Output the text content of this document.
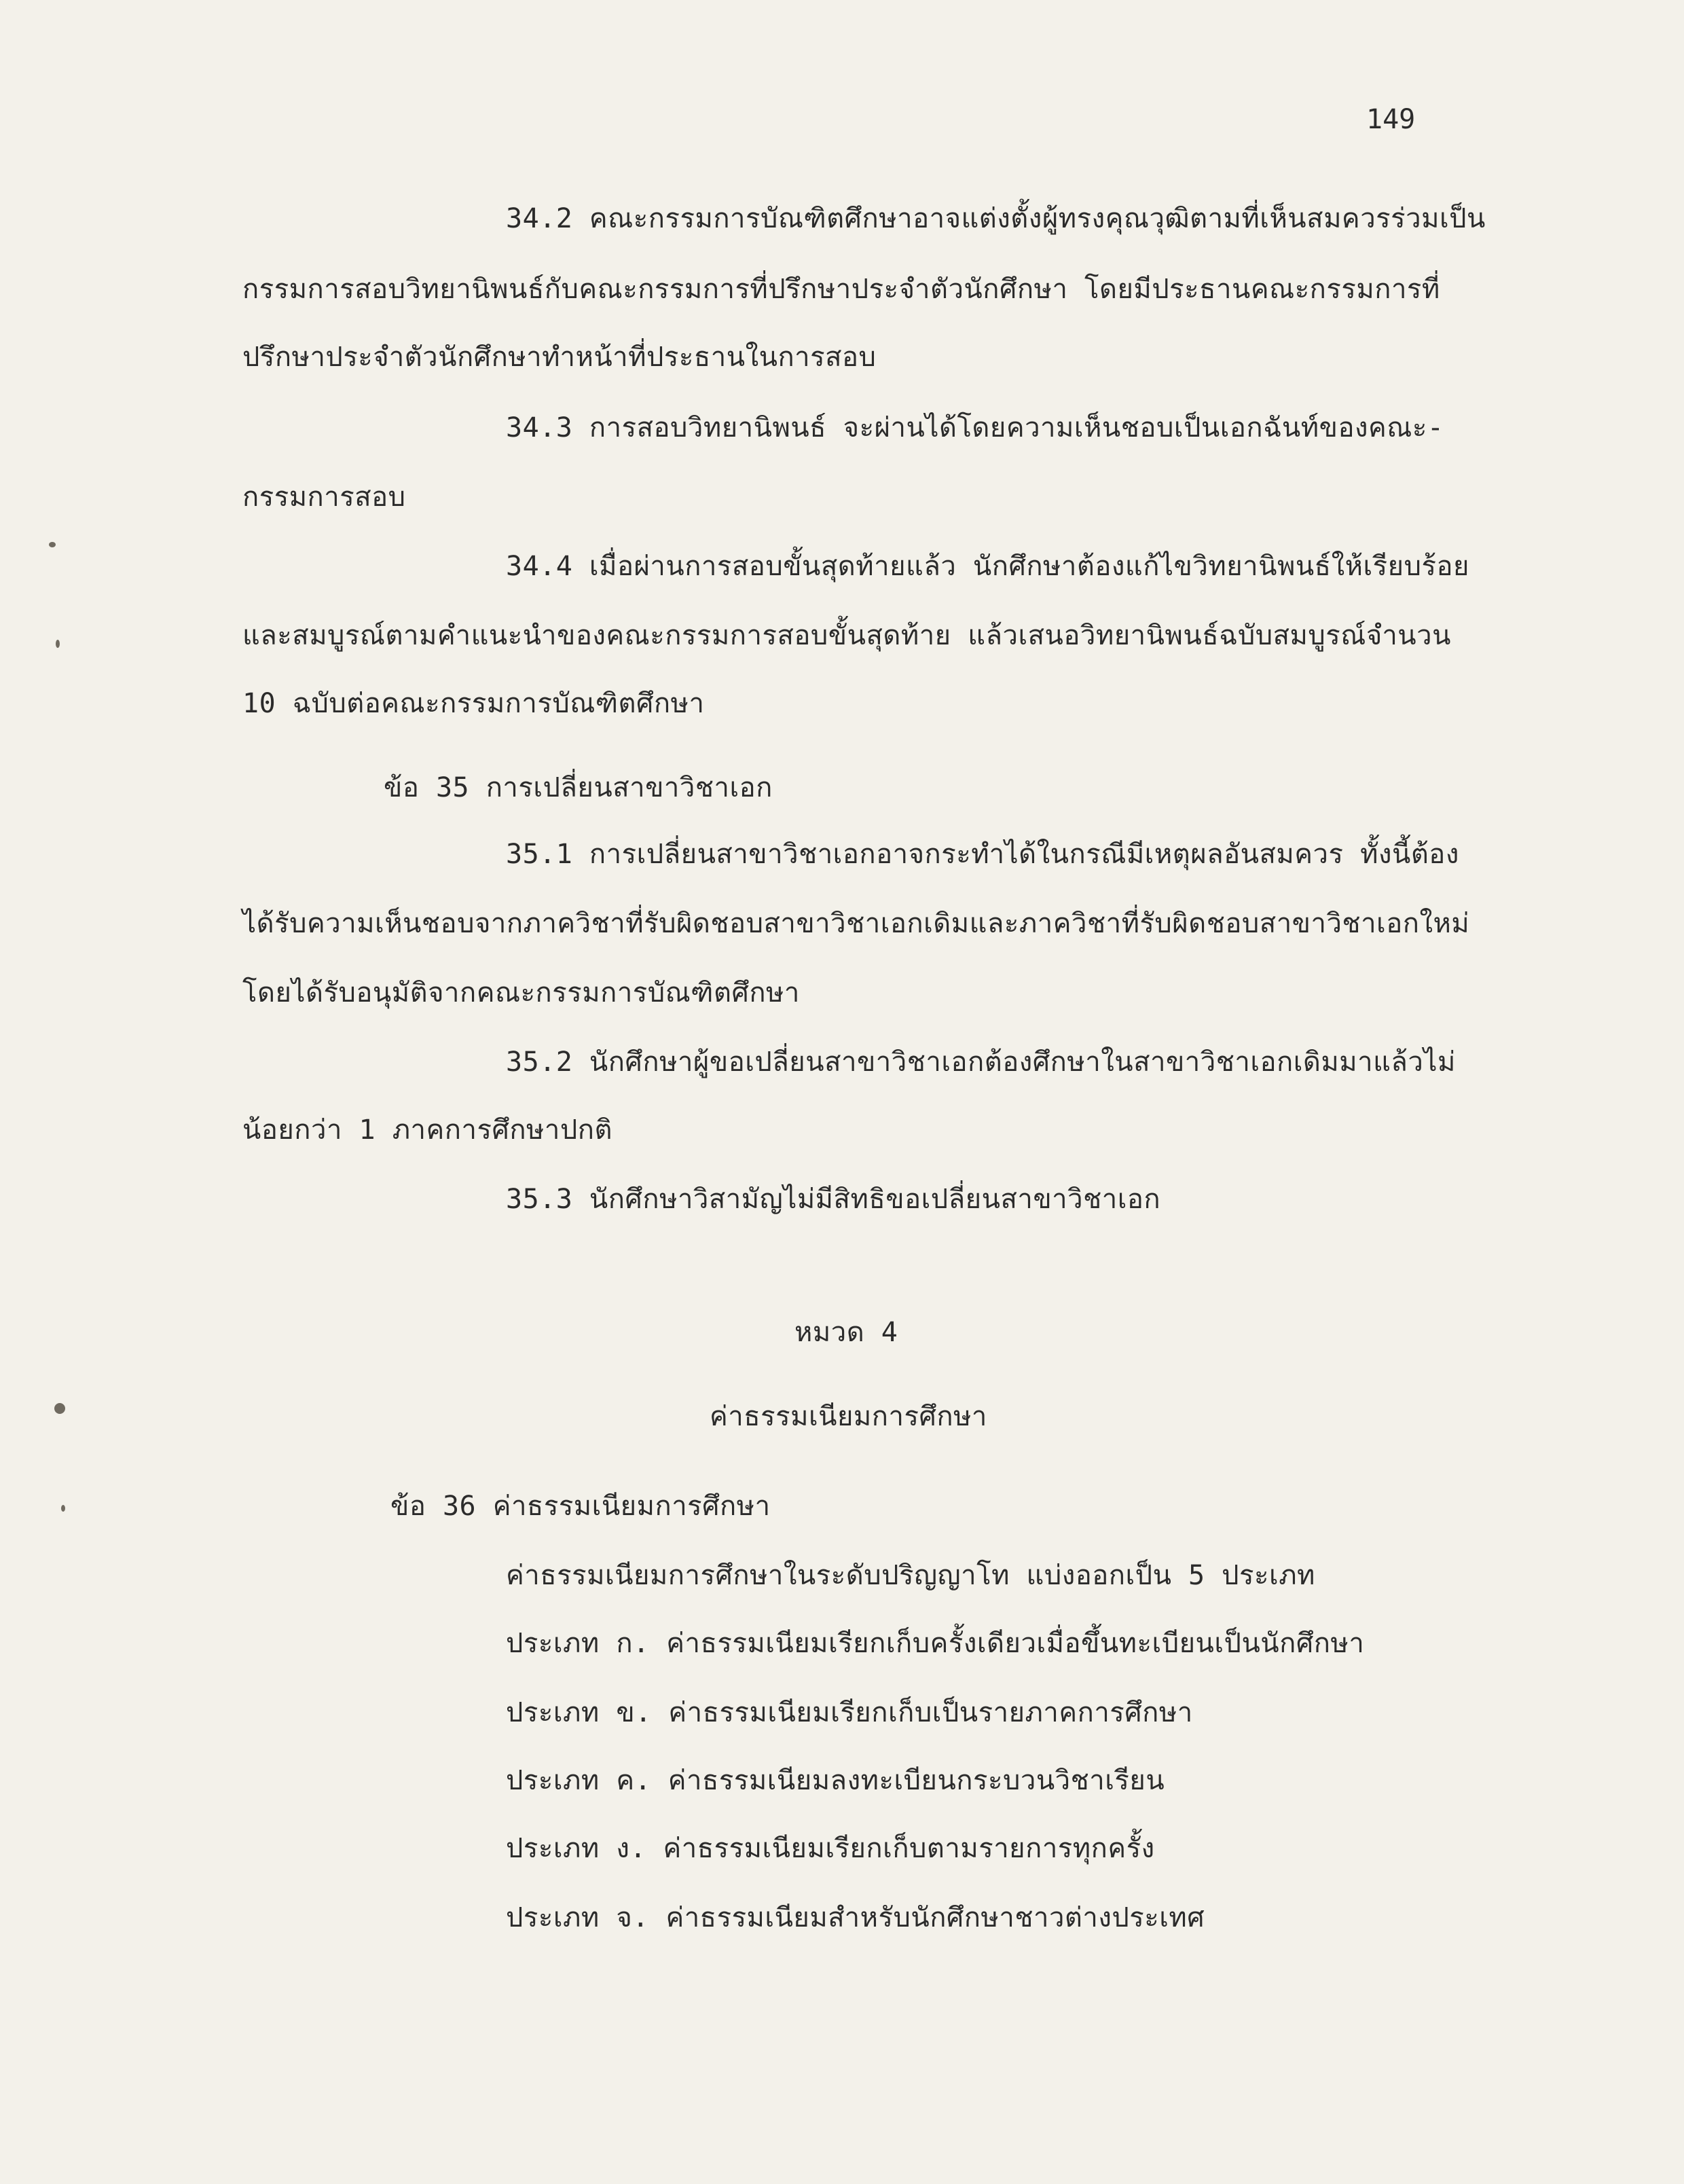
149
34.2 คณะกรรมการบัณฑิตศึกษาอาจแต่งตั้งผู้ทรงคุณวุฒิตามที่เห็นสมควรร่วมเป็น
กรรมการสอบวิทยานิพนธ์กับคณะกรรมการที่ปรึกษาประจำตัวนักศึกษา โดยมีประธานคณะกรรมการที่
ปรึกษาประจำตัวนักศึกษาทำหน้าที่ประธานในการสอบ
34.3 การสอบวิทยานิพนธ์ จะผ่านได้โดยความเห็นชอบเป็นเอกฉันท์ของคณะ-
กรรมการสอบ
34.4 เมื่อผ่านการสอบขั้นสุดท้ายแล้ว นักศึกษาต้องแก้ไขวิทยานิพนธ์ให้เรียบร้อย
และสมบูรณ์ตามคำแนะนำของคณะกรรมการสอบขั้นสุดท้าย แล้วเสนอวิทยานิพนธ์ฉบับสมบูรณ์จำนวน
10 ฉบับต่อคณะกรรมการบัณฑิตศึกษา
ข้อ 35 การเปลี่ยนสาขาวิชาเอก
35.1 การเปลี่ยนสาขาวิชาเอกอาจกระทำได้ในกรณีมีเหตุผลอันสมควร ทั้งนี้ต้อง
ได้รับความเห็นชอบจากภาควิชาที่รับผิดชอบสาขาวิชาเอกเดิมและภาควิชาที่รับผิดชอบสาขาวิชาเอกใหม่
โดยได้รับอนุมัติจากคณะกรรมการบัณฑิตศึกษา
35.2 นักศึกษาผู้ขอเปลี่ยนสาขาวิชาเอกต้องศึกษาในสาขาวิชาเอกเดิมมาแล้วไม่
น้อยกว่า 1 ภาคการศึกษาปกติ
35.3 นักศึกษาวิสามัญไม่มีสิทธิขอเปลี่ยนสาขาวิชาเอก
หมวด 4
ค่าธรรมเนียมการศึกษา
ข้อ 36 ค่าธรรมเนียมการศึกษา
ค่าธรรมเนียมการศึกษาในระดับปริญญาโท แบ่งออกเป็น 5 ประเภท
ประเภท ก. ค่าธรรมเนียมเรียกเก็บครั้งเดียวเมื่อขึ้นทะเบียนเป็นนักศึกษา
ประเภท ข. ค่าธรรมเนียมเรียกเก็บเป็นรายภาคการศึกษา
ประเภท ค. ค่าธรรมเนียมลงทะเบียนกระบวนวิชาเรียน
ประเภท ง. ค่าธรรมเนียมเรียกเก็บตามรายการทุกครั้ง
ประเภท จ. ค่าธรรมเนียมสำหรับนักศึกษาชาวต่างประเทศ
